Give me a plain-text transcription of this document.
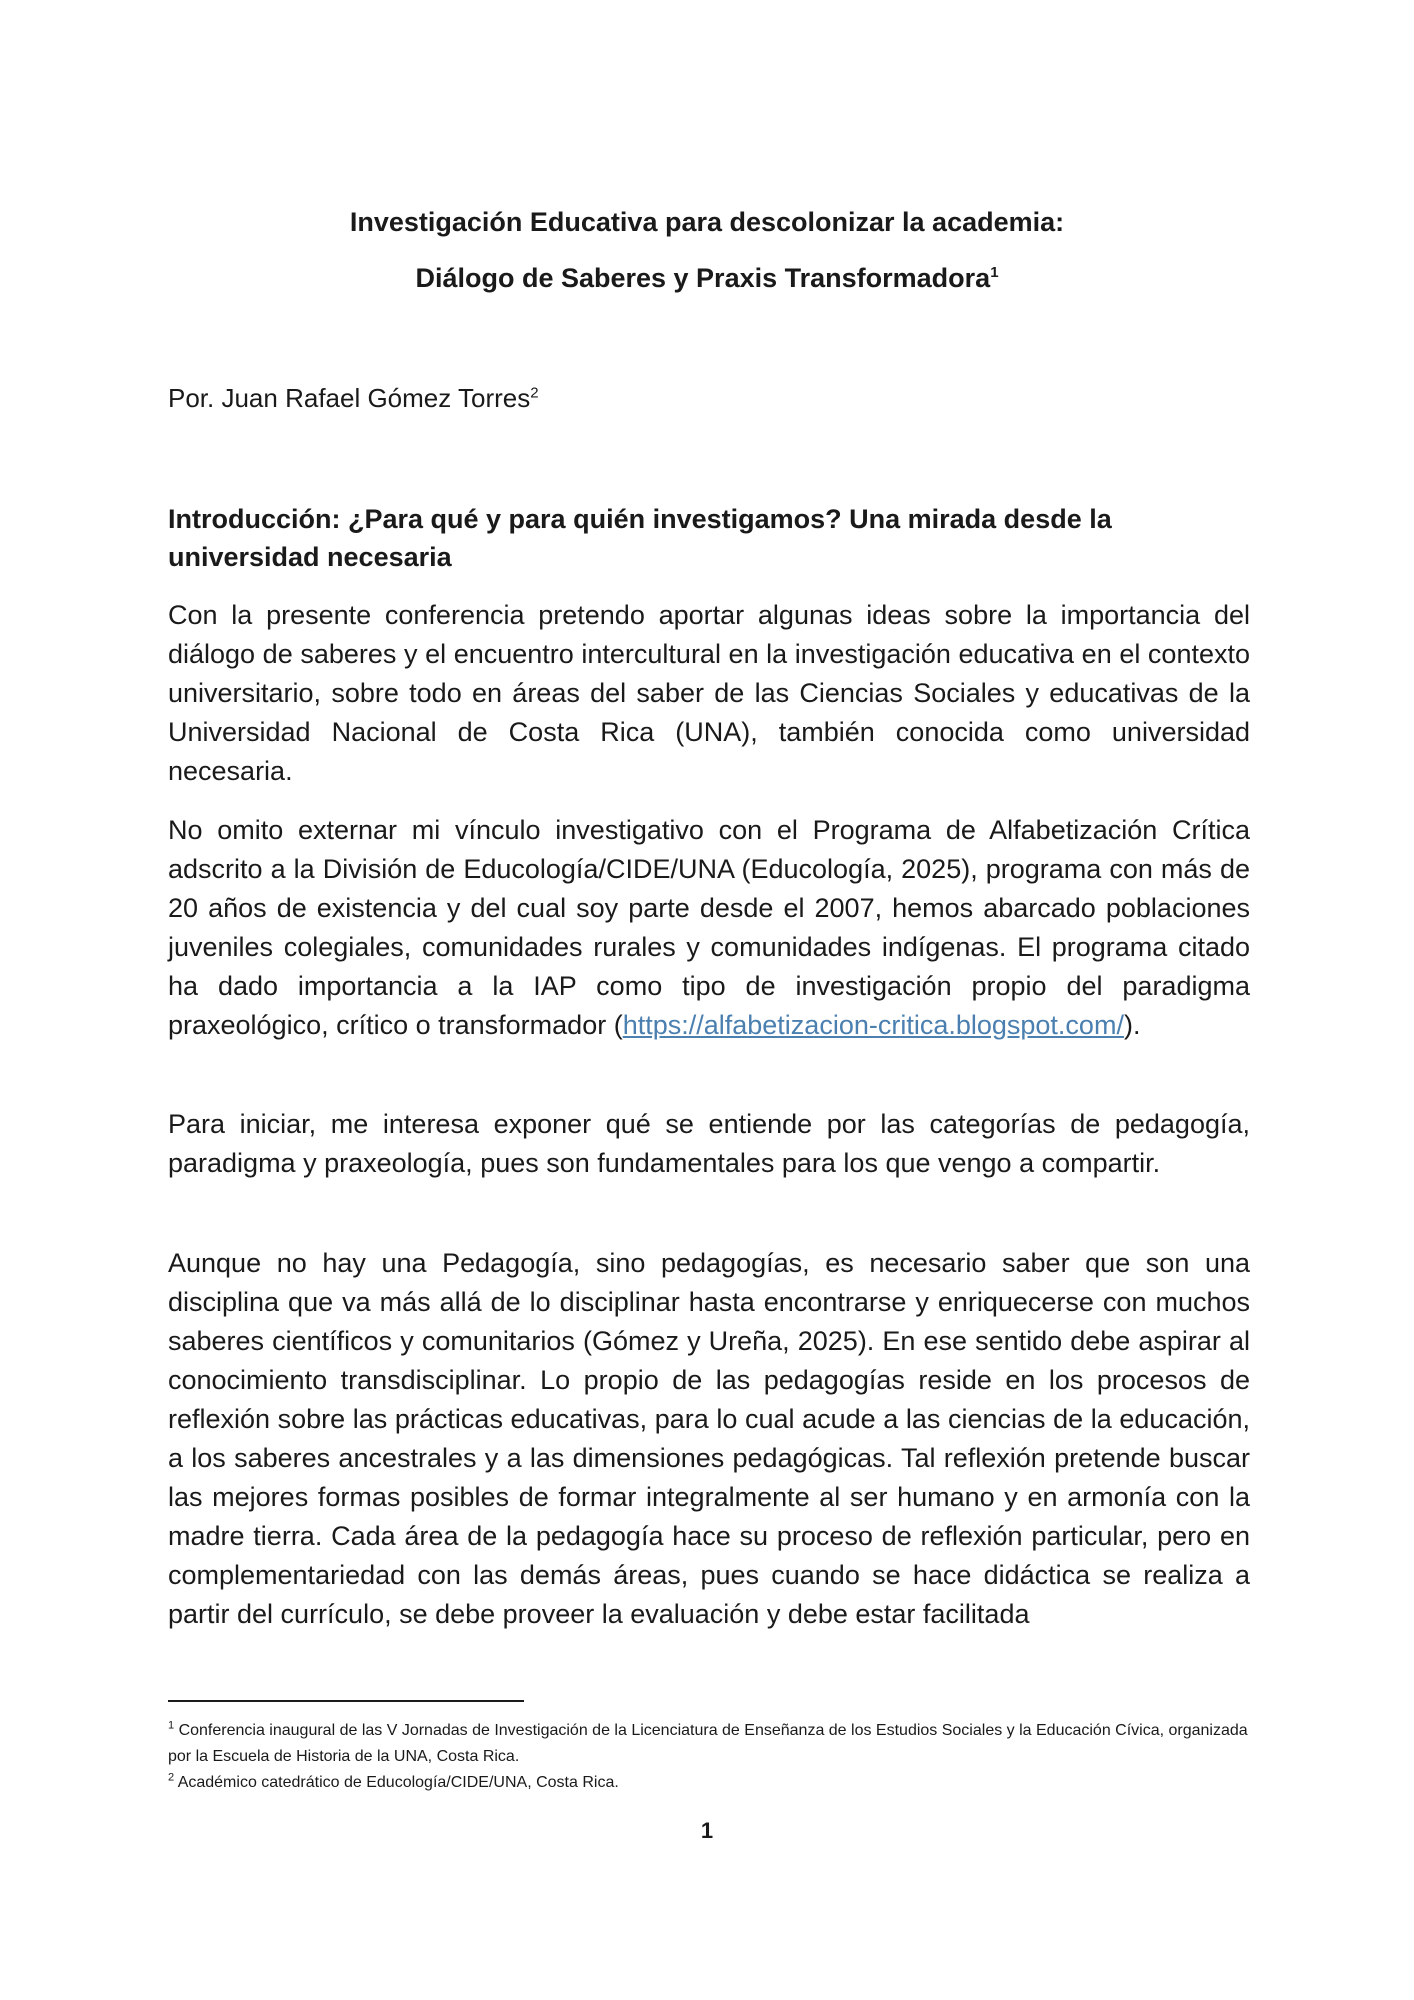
Investigación Educativa para descolonizar la academia:
Diálogo de Saberes y Praxis Transformadora$^1$

Por. Juan Rafael Gómez Torres$^2$

Introducción: ¿Para qué y para quién investigamos? Una mirada desde la universidad necesaria

Con la presente conferencia pretendo aportar algunas ideas sobre la importancia del diálogo de saberes y el encuentro intercultural en la investigación educativa en el contexto universitario, sobre todo en áreas del saber de las Ciencias Sociales y educativas de la Universidad Nacional de Costa Rica (UNA), también conocida como universidad necesaria.

No omito externar mi vínculo investigativo con el Programa de Alfabetización Crítica adscrito a la División de Educología/CIDE/UNA (Educología, 2025), programa con más de 20 años de existencia y del cual soy parte desde el 2007, hemos abarcado poblaciones juveniles colegiales, comunidades rurales y comunidades indígenas. El programa citado ha dado importancia a la IAP como tipo de investigación propio del paradigma praxeológico, crítico o transformador (https://alfabetizacion-critica.blogspot.com/).

Para iniciar, me interesa exponer qué se entiende por las categorías de pedagogía, paradigma y praxeología, pues son fundamentales para los que vengo a compartir.

Aunque no hay una Pedagogía, sino pedagogías, es necesario saber que son una disciplina que va más allá de lo disciplinar hasta encontrarse y enriquecerse con muchos saberes científicos y comunitarios (Gómez y Ureña, 2025). En ese sentido debe aspirar al conocimiento transdisciplinar. Lo propio de las pedagogías reside en los procesos de reflexión sobre las prácticas educativas, para lo cual acude a las ciencias de la educación, a los saberes ancestrales y a las dimensiones pedagógicas. Tal reflexión pretende buscar las mejores formas posibles de formar integralmente al ser humano y en armonía con la madre tierra. Cada área de la pedagogía hace su proceso de reflexión particular, pero en complementariedad con las demás áreas, pues cuando se hace didáctica se realiza a partir del currículo, se debe proveer la evaluación y debe estar facilitada

$^1$ Conferencia inaugural de las V Jornadas de Investigación de la Licenciatura de Enseñanza de los Estudios Sociales y la Educación Cívica, organizada por la Escuela de Historia de la UNA, Costa Rica.

$^2$ Académico catedrático de Educología/CIDE/UNA, Costa Rica.

1
